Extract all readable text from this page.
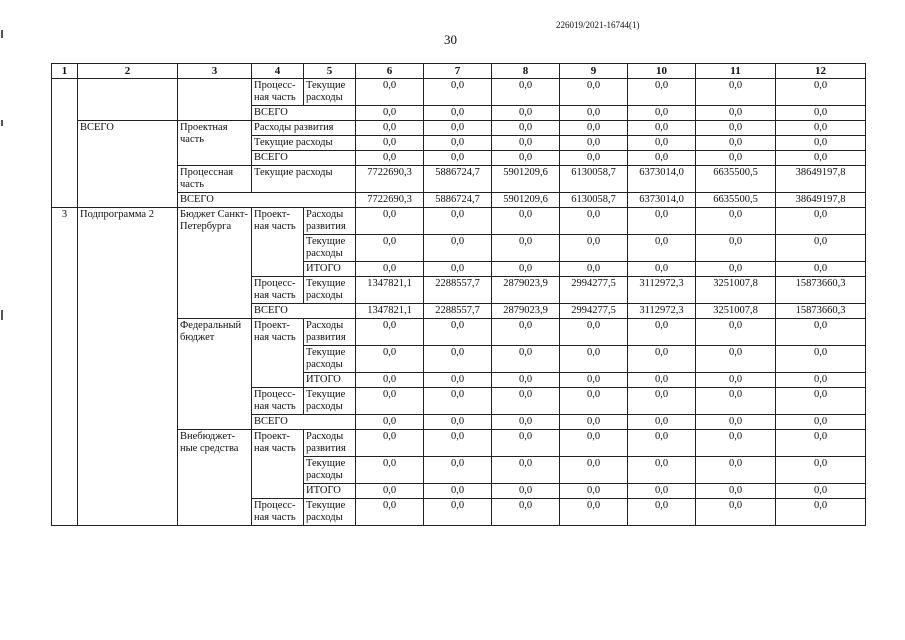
226019/2021-16744(1)
30
1	2	3	4	5	6	7	8	9	10	11	12
			Процесс-ная часть	Текущие расходы	0,0	0,0	0,0	0,0	0,0	0,0	0,0
			ВСЕГО		0,0	0,0	0,0	0,0	0,0	0,0	0,0
	ВСЕГО	Проектная часть	Расходы развития		0,0	0,0	0,0	0,0	0,0	0,0	0,0
			Текущие расходы		0,0	0,0	0,0	0,0	0,0	0,0	0,0
			ВСЕГО		0,0	0,0	0,0	0,0	0,0	0,0	0,0
		Процессная часть	Текущие расходы		7722690,3	5886724,7	5901209,6	6130058,7	6373014,0	6635500,5	38649197,8
		ВСЕГО			7722690,3	5886724,7	5901209,6	6130058,7	6373014,0	6635500,5	38649197,8
3	Подпрограмма 2	Бюджет Санкт-Петербурга	Проект-ная часть	Расходы развития	0,0	0,0	0,0	0,0	0,0	0,0	0,0
				Текущие расходы	0,0	0,0	0,0	0,0	0,0	0,0	0,0
				ИТОГО	0,0	0,0	0,0	0,0	0,0	0,0	0,0
			Процесс-ная часть	Текущие расходы	1347821,1	2288557,7	2879023,9	2994277,5	3112972,3	3251007,8	15873660,3
			ВСЕГО		1347821,1	2288557,7	2879023,9	2994277,5	3112972,3	3251007,8	15873660,3
		Федеральный бюджет	Проект-ная часть	Расходы развития	0,0	0,0	0,0	0,0	0,0	0,0	0,0
				Текущие расходы	0,0	0,0	0,0	0,0	0,0	0,0	0,0
				ИТОГО	0,0	0,0	0,0	0,0	0,0	0,0	0,0
			Процесс-ная часть	Текущие расходы	0,0	0,0	0,0	0,0	0,0	0,0	0,0
			ВСЕГО		0,0	0,0	0,0	0,0	0,0	0,0	0,0
		Внебюджет-ные средства	Проект-ная часть	Расходы развития	0,0	0,0	0,0	0,0	0,0	0,0	0,0
				Текущие расходы	0,0	0,0	0,0	0,0	0,0	0,0	0,0
				ИТОГО	0,0	0,0	0,0	0,0	0,0	0,0	0,0
			Процесс-ная часть	Текущие расходы	0,0	0,0	0,0	0,0	0,0	0,0	0,0
